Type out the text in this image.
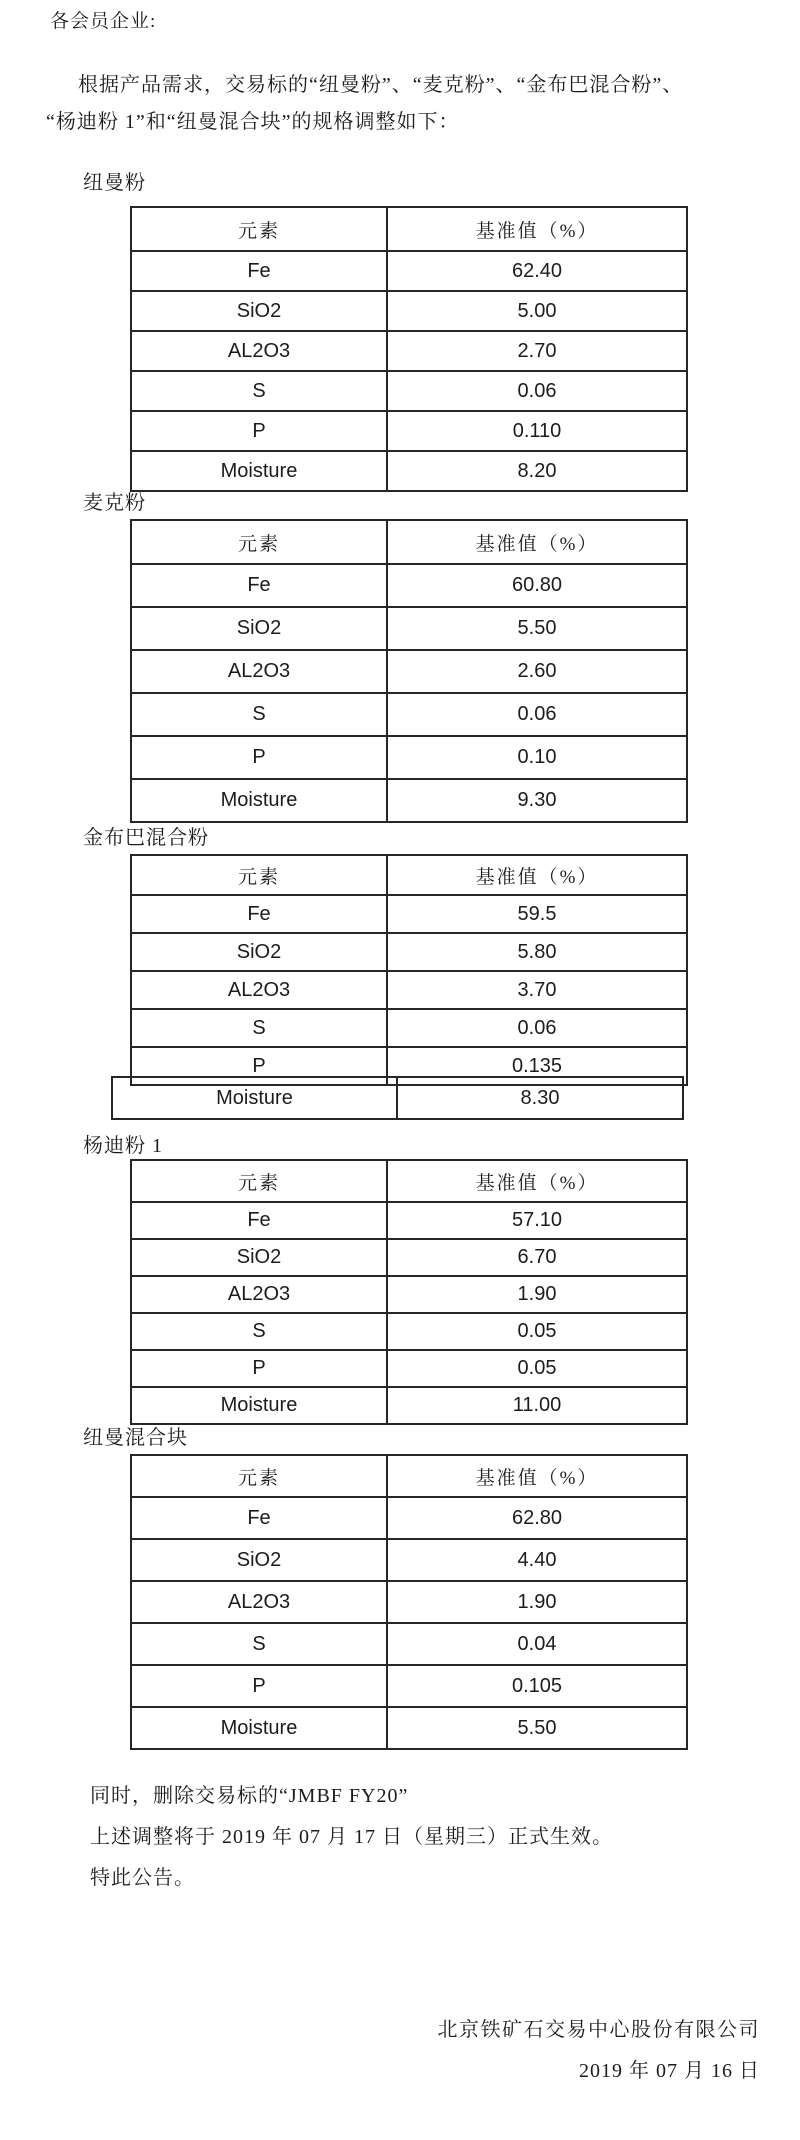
各会员企业:
根据产品需求，交易标的“纽曼粉”、“麦克粉”、“金布巴混合粉”、
“杨迪粉 1”和“纽曼混合块”的规格调整如下：
纽曼粉
元素	基准值（%）
Fe	62.40
SiO2	5.00
AL2O3	2.70
S	0.06
P	0.110
Moisture	8.20
麦克粉
元素	基准值（%）
Fe	60.80
SiO2	5.50
AL2O3	2.60
S	0.06
P	0.10
Moisture	9.30
金布巴混合粉
元素	基准值（%）
Fe	59.5
SiO2	5.80
AL2O3	3.70
S	0.06
P	0.135
Moisture	8.30
杨迪粉 1
元素	基准值（%）
Fe	57.10
SiO2	6.70
AL2O3	1.90
S	0.05
P	0.05
Moisture	11.00
纽曼混合块
元素	基准值（%）
Fe	62.80
SiO2	4.40
AL2O3	1.90
S	0.04
P	0.105
Moisture	5.50
同时，删除交易标的“JMBF FY20”
上述调整将于 2019 年 07 月 17 日（星期三）正式生效。
特此公告。
北京铁矿石交易中心股份有限公司
2019 年 07 月 16 日
